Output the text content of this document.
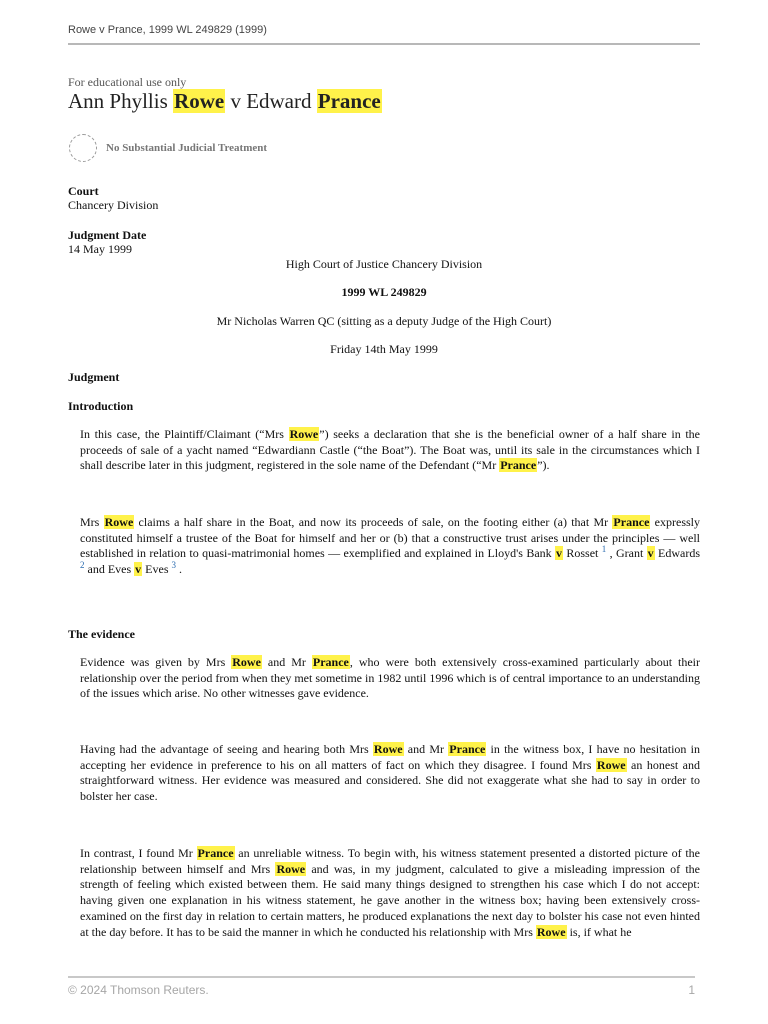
Rowe v Prance, 1999 WL 249829 (1999)
For educational use only
Ann Phyllis Rowe v Edward Prance
No Substantial Judicial Treatment
Court
Chancery Division
Judgment Date
14 May 1999
High Court of Justice Chancery Division
1999 WL 249829
Mr Nicholas Warren QC (sitting as a deputy Judge of the High Court)
Friday 14th May 1999
Judgment
Introduction

In this case, the Plaintiff/Claimant (“Mrs Rowe”) seeks a declaration that she is the beneficial owner of a half share in the proceeds of sale of a yacht named “Edwardiann Castle (“the Boat”). The Boat was, until its sale in the circumstances which I shall describe later in this judgment, registered in the sole name of the Defendant (“Mr Prance”).

Mrs Rowe claims a half share in the Boat, and now its proceeds of sale, on the footing either (a) that Mr Prance expressly constituted himself a trustee of the Boat for himself and her or (b) that a constructive trust arises under the principles — well established in relation to quasi-matrimonial homes — exemplified and explained in Lloyd's Bank v Rosset $^1$ , Grant v Edwards $^2$ and Eves v Eves $^3$ .

The evidence

Evidence was given by Mrs Rowe and Mr Prance, who were both extensively cross-examined particularly about their relationship over the period from when they met sometime in 1982 until 1996 which is of central importance to an understanding of the issues which arise. No other witnesses gave evidence.

Having had the advantage of seeing and hearing both Mrs Rowe and Mr Prance in the witness box, I have no hesitation in accepting her evidence in preference to his on all matters of fact on which they disagree. I found Mrs Rowe an honest and straightforward witness. Her evidence was measured and considered. She did not exaggerate what she had to say in order to bolster her case.

In contrast, I found Mr Prance an unreliable witness. To begin with, his witness statement presented a distorted picture of the relationship between himself and Mrs Rowe and was, in my judgment, calculated to give a misleading impression of the strength of feeling which existed between them. He said many things designed to strengthen his case which I do not accept: having given one explanation in his witness statement, he gave another in the witness box; having been extensively cross-examined on the first day in relation to certain matters, he produced explanations the next day to bolster his case not even hinted at the day before. It has to be said the manner in which he conducted his relationship with Mrs Rowe is, if what he

© 2024 Thomson Reuters.	1
